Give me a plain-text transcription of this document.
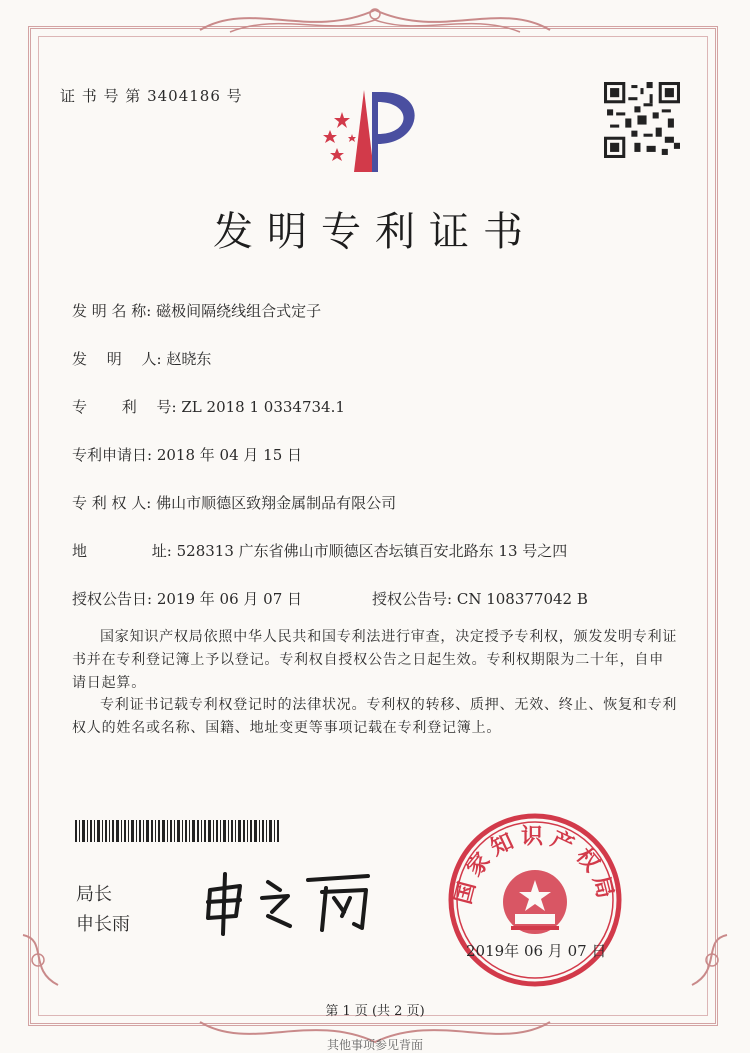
证 书 号 第 3404186 号
发明专利证书
发 明 名 称: 磁极间隔绕线组合式定子
发　 明　 人: 赵晓东
专　 　利　 号: ZL 2018 1 0334734.1
专利申请日: 2018 年 04 月 15 日
专 利 权 人: 佛山市顺德区致翔金属制品有限公司
地　 　　　址: 528313 广东省佛山市顺德区杏坛镇百安北路东 13 号之四
授权公告日: 2019 年 06 月 07 日	授权公告号: CN 108377042 B
国家知识产权局依照中华人民共和国专利法进行审查，决定授予专利权，颁发发明专利证书并在专利登记簿上予以登记。专利权自授权公告之日起生效。专利权期限为二十年，自申请日起算。
专利证书记载专利权登记时的法律状况。专利权的转移、质押、无效、终止、恢复和专利权人的姓名或名称、国籍、地址变更等事项记载在专利登记簿上。
局长
申长雨
国家知识产权局
2019年 06 月 07 日
第 1 页 (共 2 页)
其他事项参见背面
